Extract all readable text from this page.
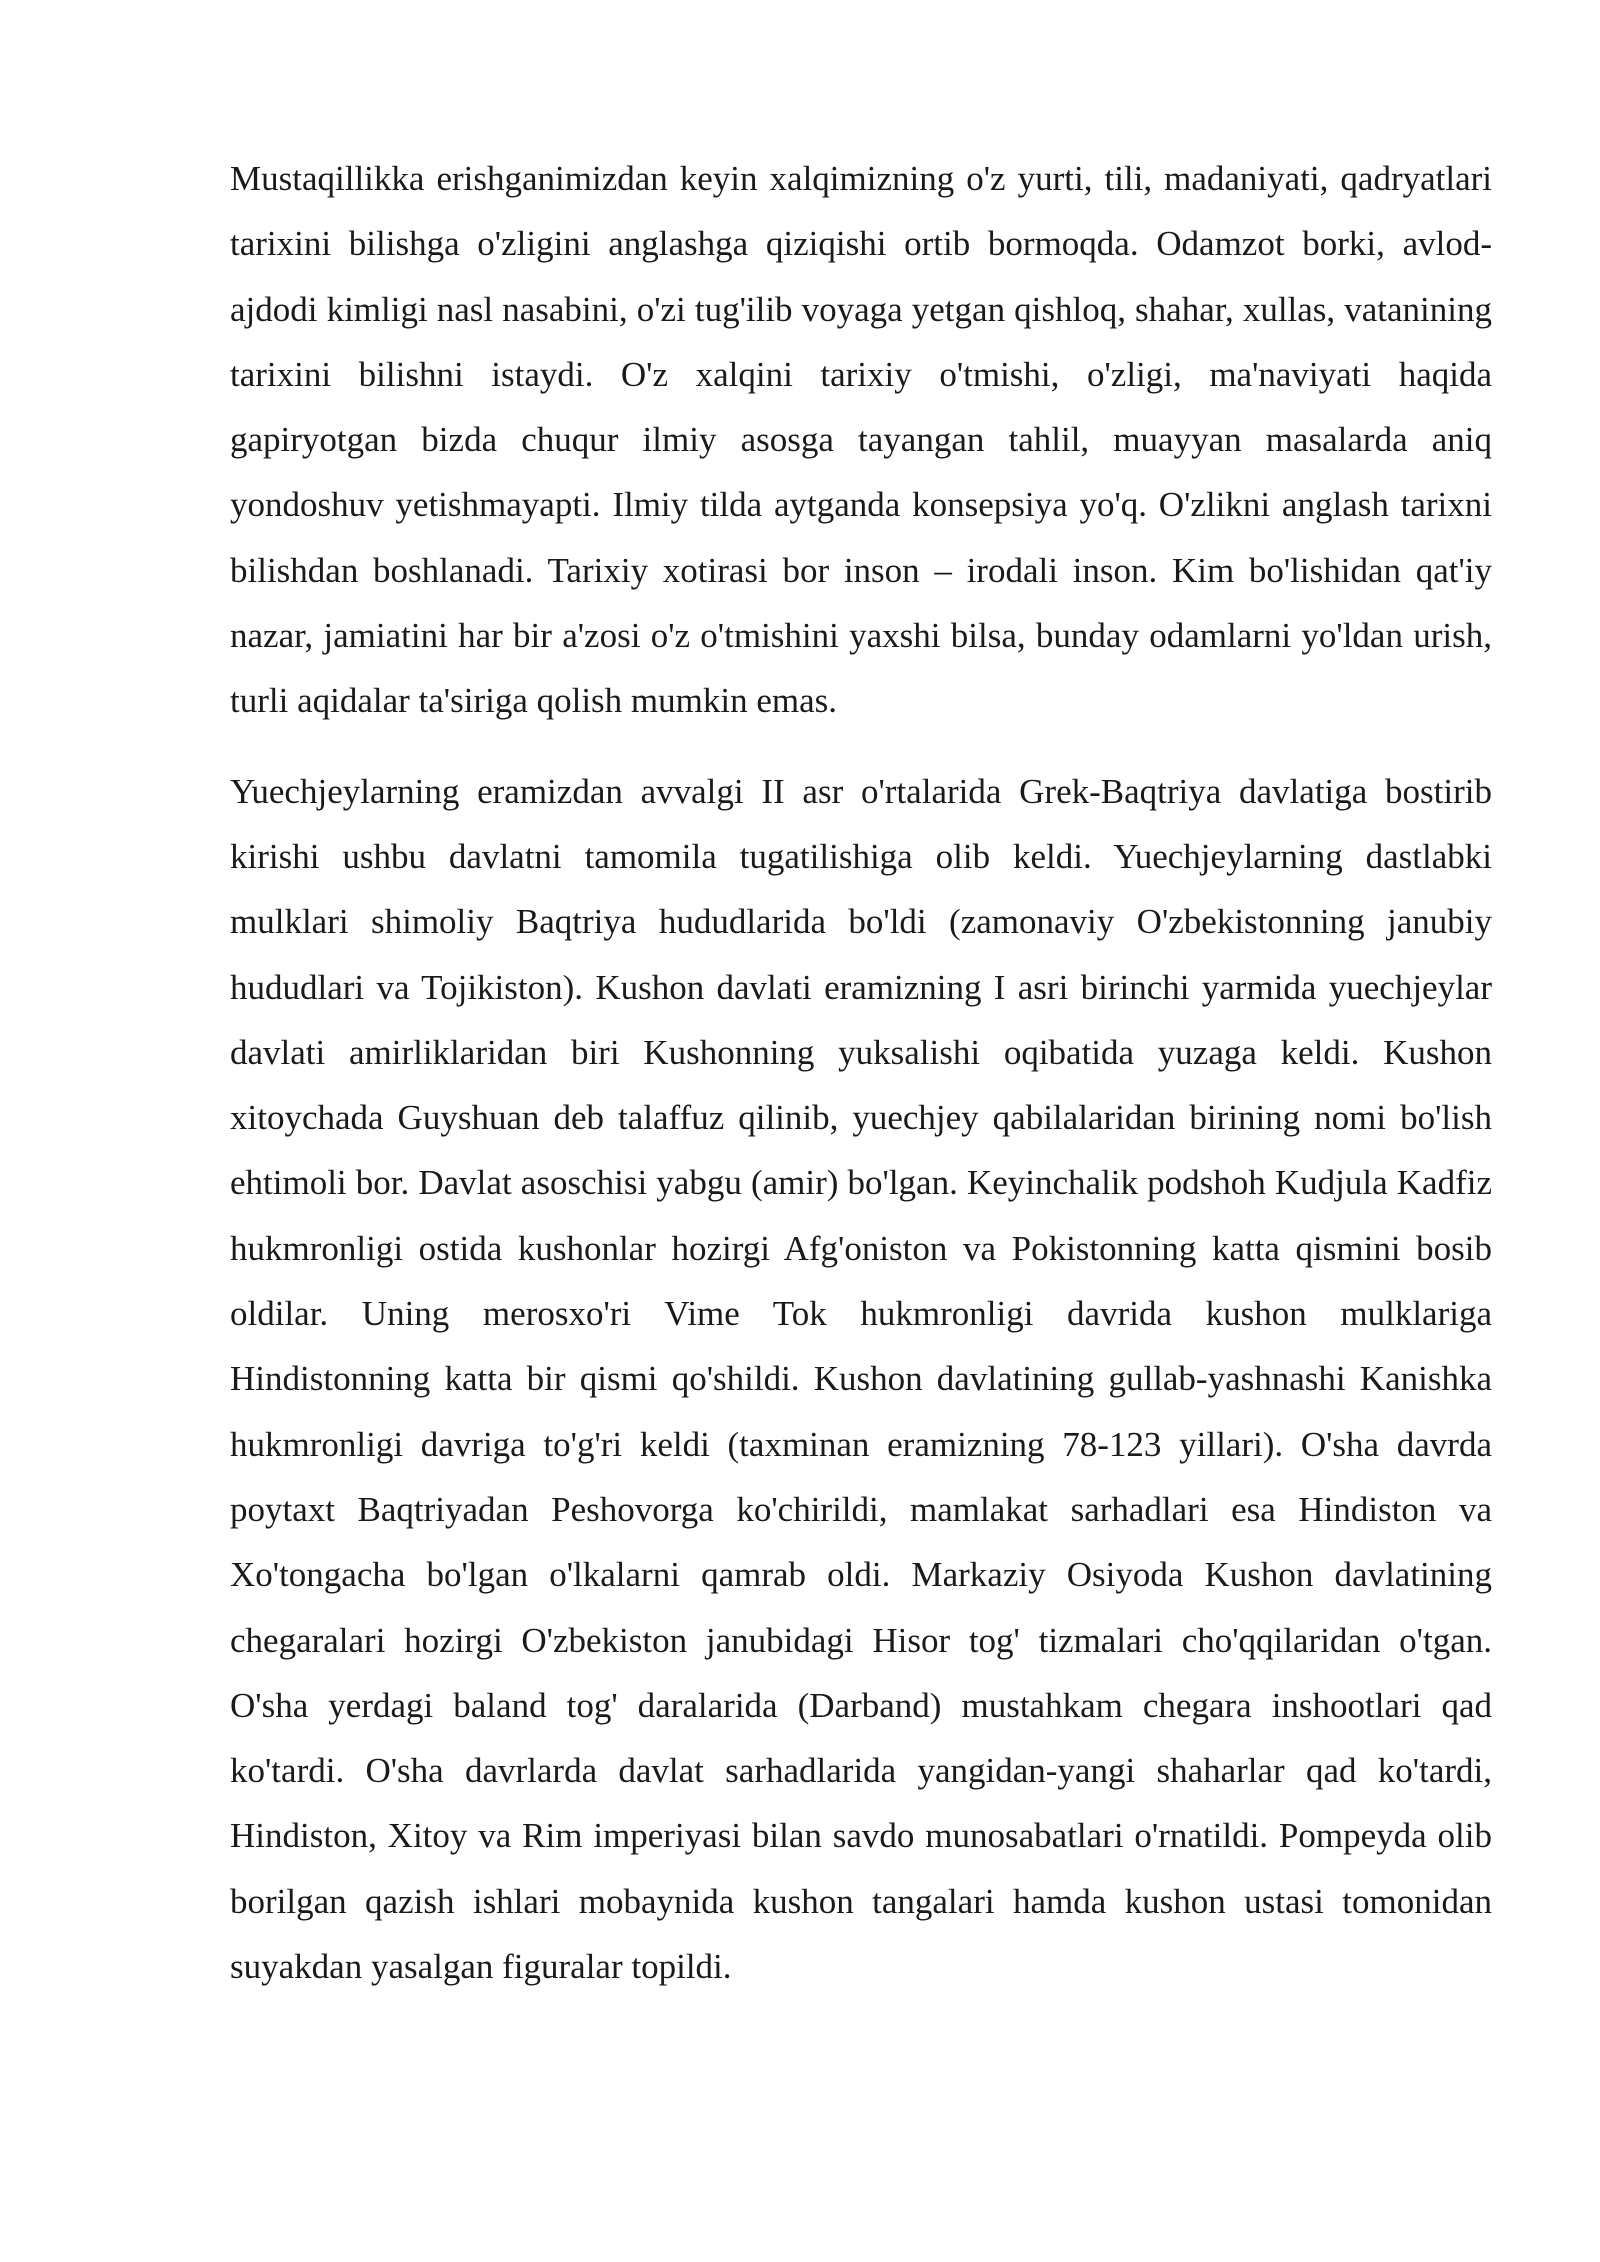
Mustaqillikka erishganimizdan keyin xalqimizning o'z yurti, tili, madaniyati, qadryatlari tarixini bilishga o'zligini anglashga qiziqishi ortib bormoqda. Odamzot borki, avlod-ajdodi kimligi nasl nasabini, o'zi tug'ilib voyaga yetgan qishloq, shahar, xullas, vatanining tarixini bilishni istaydi. O'z xalqini tarixiy o'tmishi, o'zligi, ma'naviyati haqida gapiryotgan bizda chuqur ilmiy asosga tayangan tahlil, muayyan masalarda aniq yondoshuv yetishmayapti. Ilmiy tilda aytganda konsepsiya yo'q. O'zlikni anglash tarixni bilishdan boshlanadi. Tarixiy xotirasi bor inson – irodali inson. Kim bo'lishidan qat'iy nazar, jamiatini har bir a'zosi o'z o'tmishini yaxshi bilsa, bunday odamlarni yo'ldan urish, turli aqidalar ta'siriga qolish mumkin emas.

Yuechjeylarning eramizdan avvalgi II asr o'rtalarida Grek-Baqtriya davlatiga bostirib kirishi ushbu davlatni tamomila tugatilishiga olib keldi. Yuechjeylarning dastlabki mulklari shimoliy Baqtriya hududlarida bo'ldi (zamonaviy O'zbekistonning janubiy hududlari va Tojikiston). Kushon davlati eramizning I asri birinchi yarmida yuechjeylar davlati amirliklaridan biri Kushonning yuksalishi oqibatida yuzaga keldi. Kushon xitoychada Guyshuan deb talaffuz qilinib, yuechjey qabilalaridan birining nomi bo'lish ehtimoli bor. Davlat asoschisi yabgu (amir) bo'lgan. Keyinchalik podshoh Kudjula Kadfiz hukmronligi ostida kushonlar hozirgi Afg'oniston va Pokistonning katta qismini bosib oldilar. Uning merosxo'ri Vime Tok hukmronligi davrida kushon mulklariga Hindistonning katta bir qismi qo'shildi. Kushon davlatining gullab-yashnashi Kanishka hukmronligi davriga to'g'ri keldi (taxminan eramizning 78-123 yillari). O'sha davrda poytaxt Baqtriyadan Peshovorga ko'chirildi, mamlakat sarhadlari esa Hindiston va Xo'tongacha bo'lgan o'lkalarni qamrab oldi. Markaziy Osiyoda Kushon davlatining chegaralari hozirgi O'zbekiston janubidagi Hisor tog' tizmalari cho'qqilaridan o'tgan. O'sha yerdagi baland tog' daralarida (Darband) mustahkam chegara inshootlari qad ko'tardi. O'sha davrlarda davlat sarhadlarida yangidan-yangi shaharlar qad ko'tardi, Hindiston, Xitoy va Rim imperiyasi bilan savdo munosabatlari o'rnatildi. Pompeyda olib borilgan qazish ishlari mobaynida kushon tangalari hamda kushon ustasi tomonidan suyakdan yasalgan figuralar topildi.
